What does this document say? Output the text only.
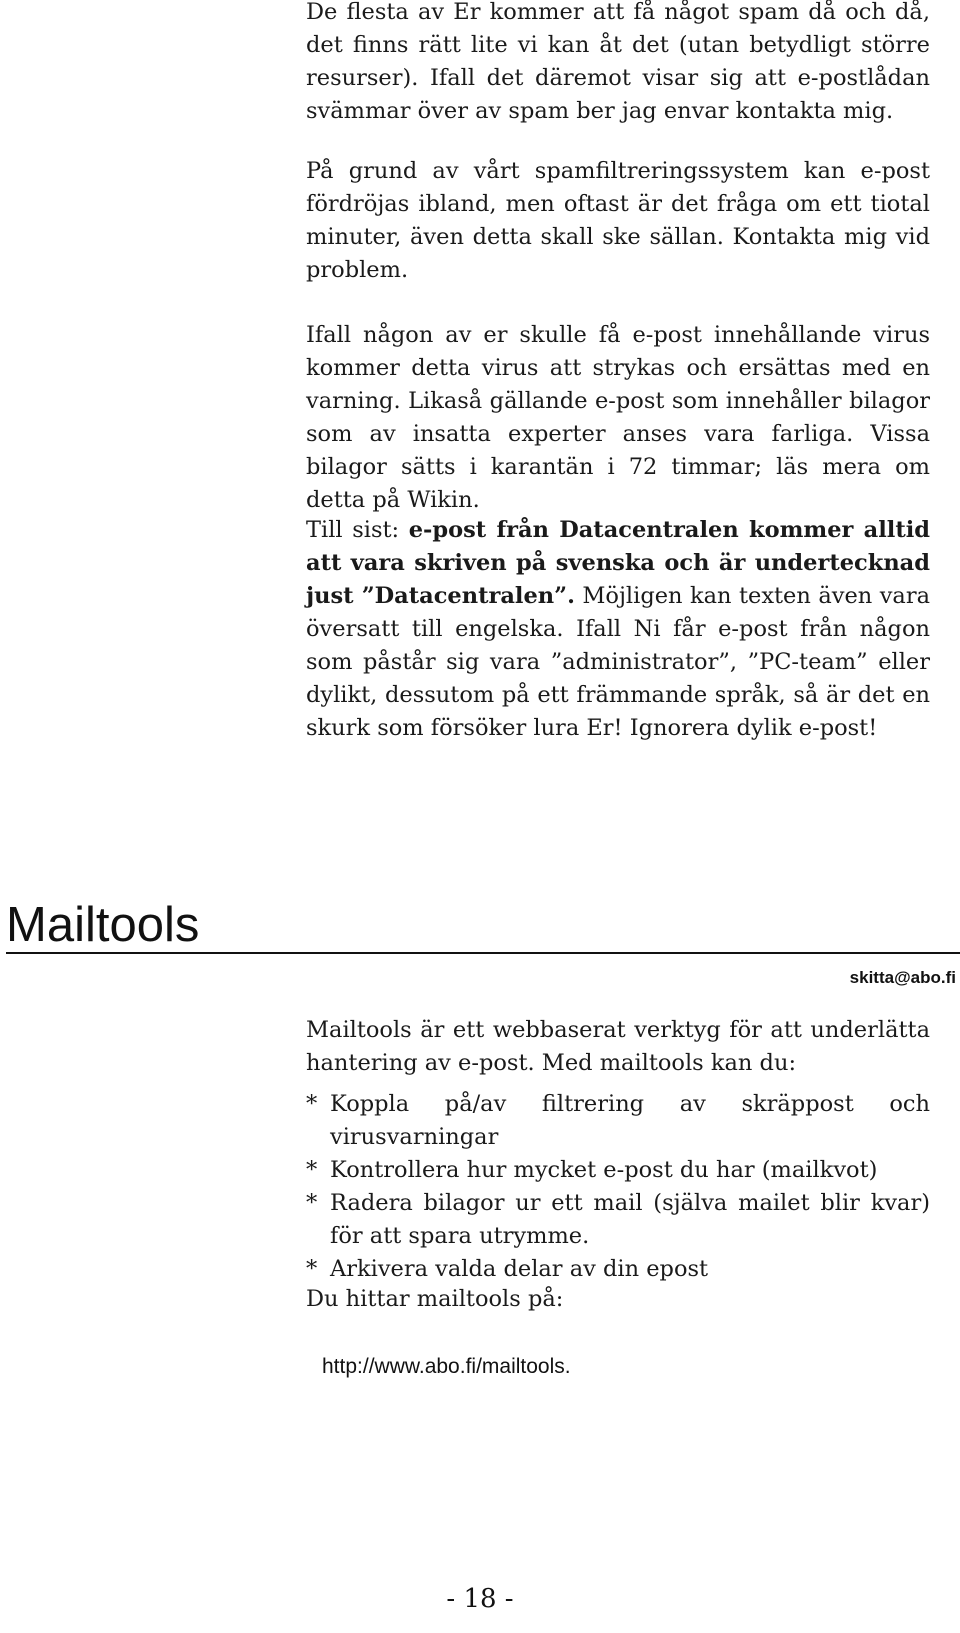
De flesta av Er kommer att få något spam då och då, det finns rätt lite vi kan åt det (utan betydligt större resurser). Ifall det däremot visar sig att e-postlådan svämmar över av spam ber jag envar kontakta mig.

På grund av vårt spamfiltreringssystem kan e-post fördröjas ibland, men oftast är det fråga om ett tiotal minuter, även detta skall ske sällan. Kontakta mig vid problem.

Ifall någon av er skulle få e-post innehållande virus kommer detta virus att strykas och ersättas med en varning. Likaså gällande e-post som innehåller bilagor som av insatta experter anses vara farliga. Vissa bilagor sätts i karantän i 72 timmar; läs mera om detta på Wikin.

Till sist: e-post från Datacentralen kommer alltid att vara skriven på svenska och är undertecknad just ”Datacentralen”. Möjligen kan texten även vara översatt till engelska. Ifall Ni får e-post från någon som påstår sig vara ”administrator”, ”PC-team” eller dylikt, dessutom på ett främmande språk, så är det en skurk som försöker lura Er! Ignorera dylik e-post!

Mailtools
skitta@abo.fi

Mailtools är ett webbaserat verktyg för att underlätta hantering av e-post. Med mailtools kan du:

* Koppla på/av filtrering av skräppost och virusvarningar
* Kontrollera hur mycket e-post du har (mailkvot)
* Radera bilagor ur ett mail (själva mailet blir kvar) för att spara utrymme.
* Arkivera valda delar av din epost

Du hittar mailtools på:

http://www.abo.fi/mailtools.
- 18 -
